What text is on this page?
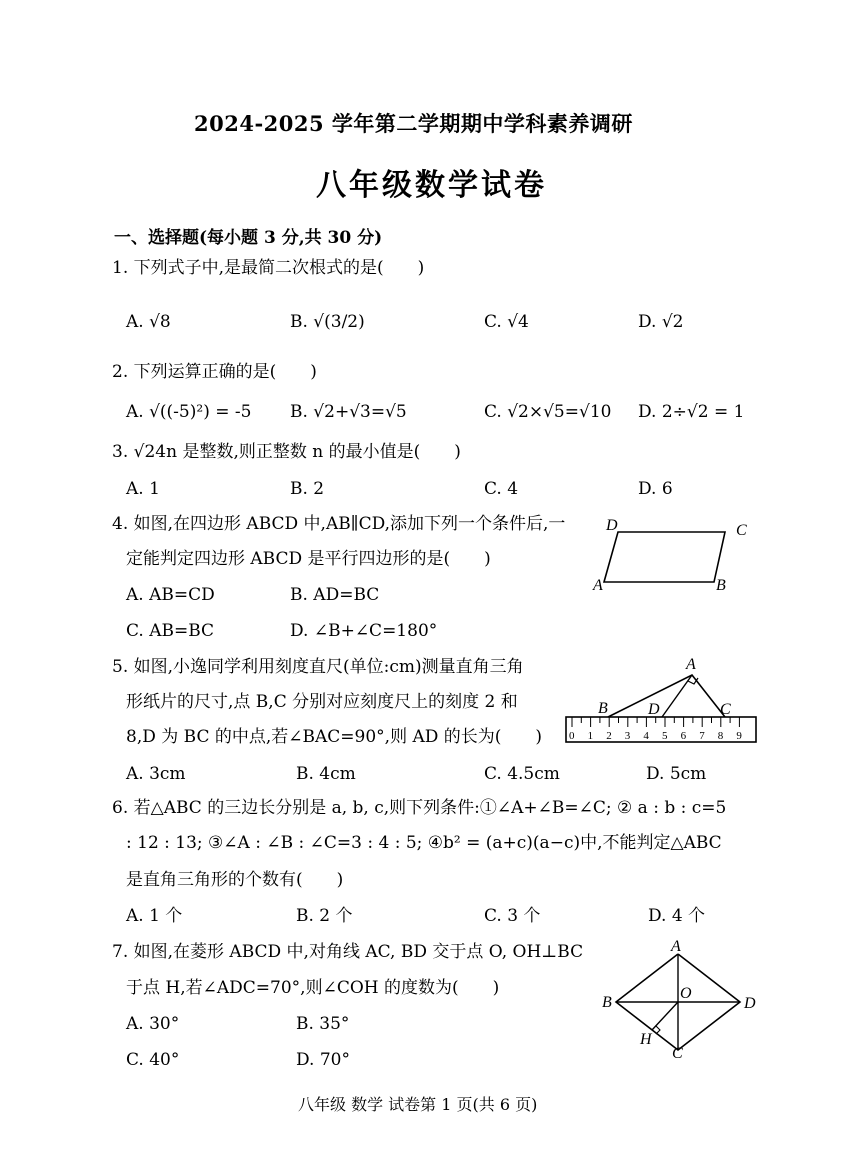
2024-2025 学年第二学期期中学科素养调研
八年级数学试卷
一、选择题(每小题 3 分,共 30 分)
1. 下列式子中,是最简二次根式的是(　　)
A. √8	B. √(3/2)	C. √4	D. √2
2. 下列运算正确的是(　　)
A. √((-5)²) = -5 B. √2+√3=√5	C. √2×√5=√10 D. 2÷√2 = 1
3. √24n 是整数,则正整数 n 的最小值是(　　)
A. 1	B. 2	C. 4	D. 6
4. 如图,在四边形 ABCD 中,AB∥CD,添加下列一个条件后,一
定能判定四边形 ABCD 是平行四边形的是(　　)
A. AB=CD	B. AD=BC
C. AB=BC	D. ∠B+∠C=180°
D	C
A	B
5. 如图,小逸同学利用刻度直尺(单位:cm)测量直角三角
形纸片的尺寸,点 B,C 分别对应刻度尺上的刻度 2 和
8,D 为 BC 的中点,若∠BAC=90°,则 AD 的长为(　　)
A. 3cm	B. 4cm	C. 4.5cm	D. 5cm
0 1 2 3 4 5 6 7 8 9
A
B	D	C
6. 若△ABC 的三边长分别是 a, b, c,则下列条件:①∠A+∠B=∠C; ② a : b : c=5
: 12 : 13; ③∠A : ∠B : ∠C=3 : 4 : 5; ④b² = (a+c)(a−c)中,不能判定△ABC
是直角三角形的个数有(　　)
A. 1 个	B. 2 个	C. 3 个	D. 4 个
7. 如图,在菱形 ABCD 中,对角线 AC, BD 交于点 O, OH⊥BC
于点 H,若∠ADC=70°,则∠COH 的度数为(　　)
A. 30°	B. 35°
C. 40°	D. 70°
A
B
O
D
H
C
八年级 数学 试卷第 1 页(共 6 页)
